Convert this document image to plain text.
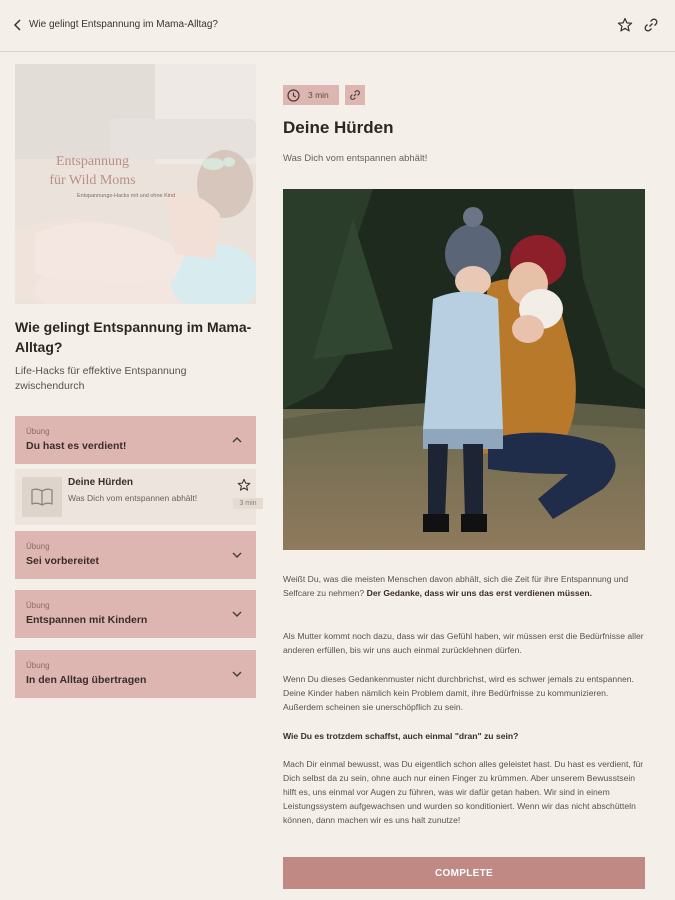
Wie gelingt Entspannung im Mama-Alltag?
Entspannung
für Wild Moms
Entspannungs-Hacks mit und ohne Kind
Wie gelingt Entspannung im Mama-Alltag?
Life-Hacks für effektive Entspannung zwischendurch
Übung
Du hast es verdient!
Deine Hürden
Was Dich vom entspannen abhält!
3 min
Übung
Sei vorbereitet
Übung
Entspannen mit Kindern
Übung
In den Alltag übertragen
3 min
Deine Hürden
Was Dich vom entspannen abhält!
Weißt Du, was die meisten Menschen davon abhält, sich die Zeit für ihre Entspannung und Selfcare zu nehmen? Der Gedanke, dass wir uns das erst verdienen müssen.
Als Mutter kommt noch dazu, dass wir das Gefühl haben, wir müssen erst die Bedürfnisse aller anderen erfüllen, bis wir uns auch einmal zurücklehnen dürfen.
Wenn Du dieses Gedankenmuster nicht durchbrichst, wird es schwer jemals zu entspannen. Deine Kinder haben nämlich kein Problem damit, ihre Bedürfnisse zu kommunizieren. Außerdem scheinen sie unerschöpflich zu sein.
Wie Du es trotzdem schaffst, auch einmal "dran" zu sein?
Mach Dir einmal bewusst, was Du eigentlich schon alles geleistet hast. Du hast es verdient, für Dich selbst da zu sein, ohne auch nur einen Finger zu krümmen. Aber unserem Bewusstsein hilft es, uns einmal vor Augen zu führen, was wir dafür getan haben. Wir sind in einem Leistungssystem aufgewachsen und wurden so konditioniert. Wenn wir das nicht abschütteln können, dann machen wir es uns halt zunutze!
COMPLETE
